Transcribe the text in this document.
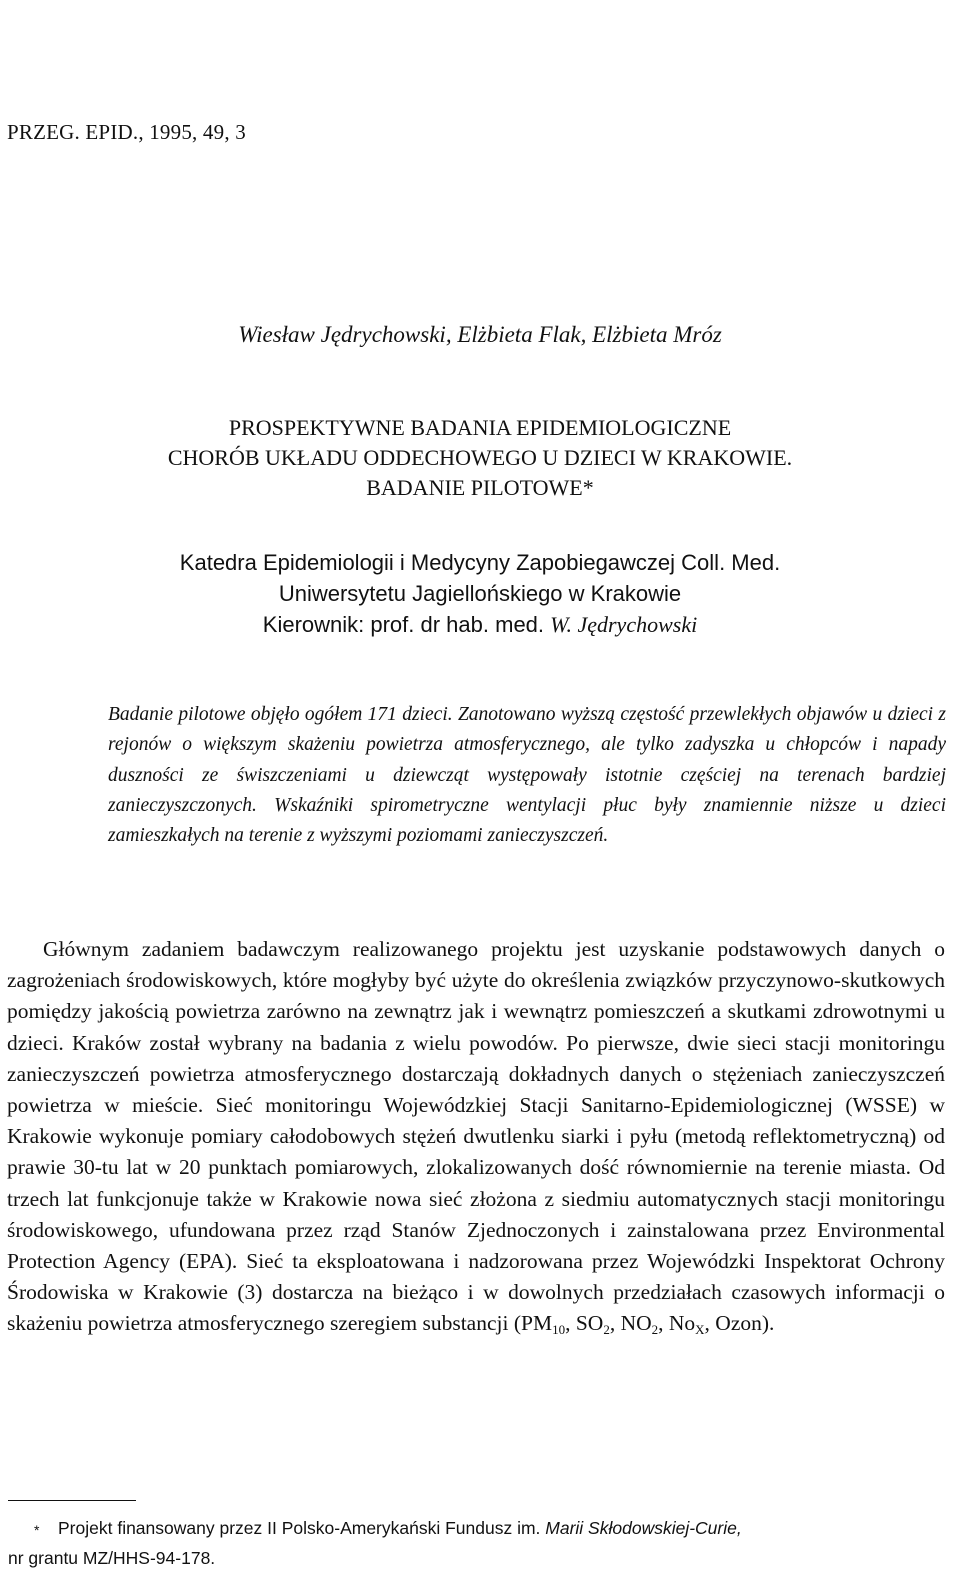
PRZEG. EPID., 1995, 49, 3
Wiesław Jędrychowski, Elżbieta Flak, Elżbieta Mróz
PROSPEKTYWNE BADANIA EPIDEMIOLOGICZNE
CHORÓB UKŁADU ODDECHOWEGO U DZIECI W KRAKOWIE.
BADANIE PILOTOWE*
Katedra Epidemiologii i Medycyny Zapobiegawczej Coll. Med.
Uniwersytetu Jagiellońskiego w Krakowie
Kierownik: prof. dr hab. med. W. Jędrychowski
Badanie pilotowe objęło ogółem 171 dzieci. Zanotowano wyższą częstość przewlekłych objawów u dzieci z rejonów o większym skażeniu powietrza atmosferycznego, ale tylko zadyszka u chłopców i napady duszności ze świszczeniami u dziewcząt występowały istotnie częściej na terenach bardziej zanieczyszczonych. Wskaźniki spirometryczne wentylacji płuc były znamiennie niższe u dzieci zamieszkałych na terenie z wyższymi poziomami zanieczyszczeń.
Głównym zadaniem badawczym realizowanego projektu jest uzyskanie podstawowych danych o zagrożeniach środowiskowych, które mogłyby być użyte do określenia związków przyczynowo-skutkowych pomiędzy jakością powietrza zarówno na zewnątrz jak i wewnątrz pomieszczeń a skutkami zdrowotnymi u dzieci. Kraków został wybrany na badania z wielu powodów. Po pierwsze, dwie sieci stacji monitoringu zanieczyszczeń powietrza atmosferycznego dostarczają dokładnych danych o stężeniach zanieczyszczeń powietrza w mieście. Sieć monitoringu Wojewódzkiej Stacji Sanitarno-Epidemiologicznej (WSSE) w Krakowie wykonuje pomiary całodobowych stężeń dwutlenku siarki i pyłu (metodą reflektometryczną) od prawie 30-tu lat w 20 punktach pomiarowych, zlokalizowanych dość równomiernie na terenie miasta. Od trzech lat funkcjonuje także w Krakowie nowa sieć złożona z siedmiu automatycznych stacji monitoringu środowiskowego, ufundowana przez rząd Stanów Zjednoczonych i zainstalowana przez Environmental Protection Agency (EPA). Sieć ta eksploatowana i nadzorowana przez Wojewódzki Inspektorat Ochrony Środowiska w Krakowie (3) dostarcza na bieżąco i w dowolnych przedziałach czasowych informacji o skażeniu powietrza atmosferycznego szeregiem substancji ($PM_{10}$, $SO_2$, $NO_2$, $No_X$, Ozon).
*	Projekt finansowany przez II Polsko-Amerykański Fundusz im. Marii Skłodowskiej-Curie,
nr grantu MZ/HHS-94-178.
